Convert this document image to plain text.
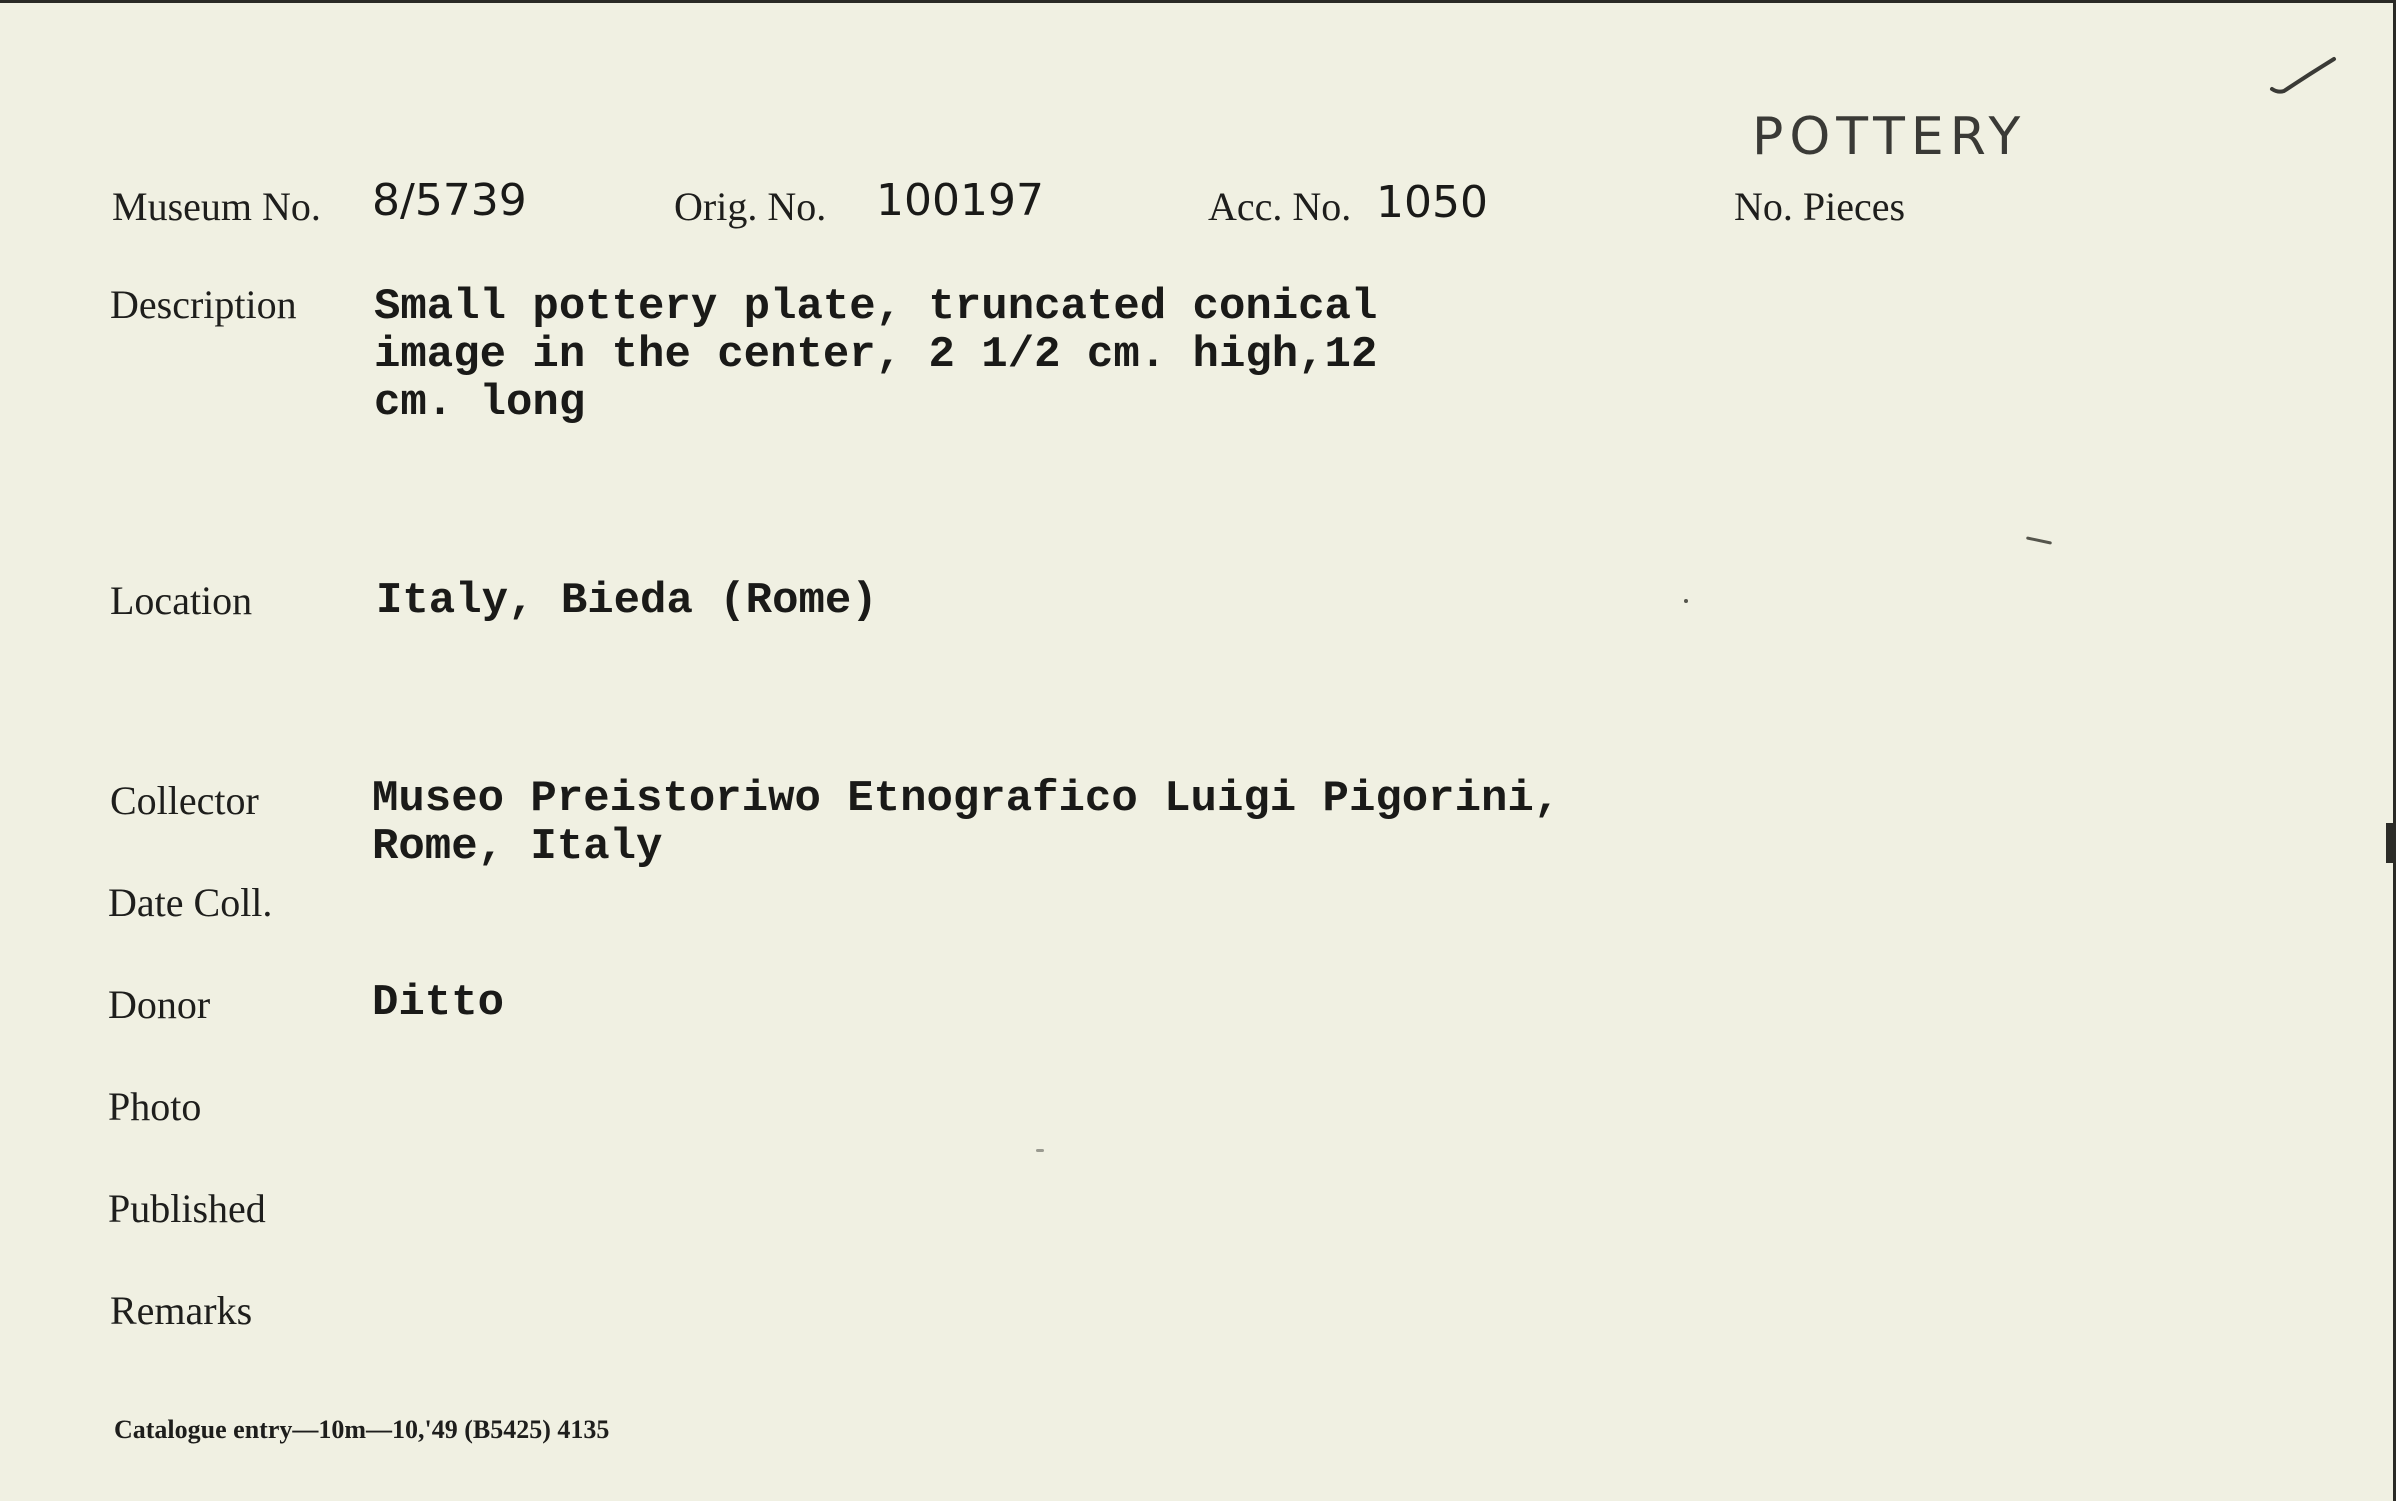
POTTERY
Museum No. 8/5739	Orig. No. 100197	Acc. No. 1050	No. Pieces
Description Small pottery plate, truncated conical
image in the center, 2 1/2 cm. high,12
cm. long
Location	Italy, Bieda (Rome)
Collector	Museo Preistoriwo Etnografico Luigi Pigorini,
Rome, Italy
Date Coll.
Donor	Ditto
Photo
Published
Remarks
Catalogue entry—10m—10,'49 (B5425) 4135
